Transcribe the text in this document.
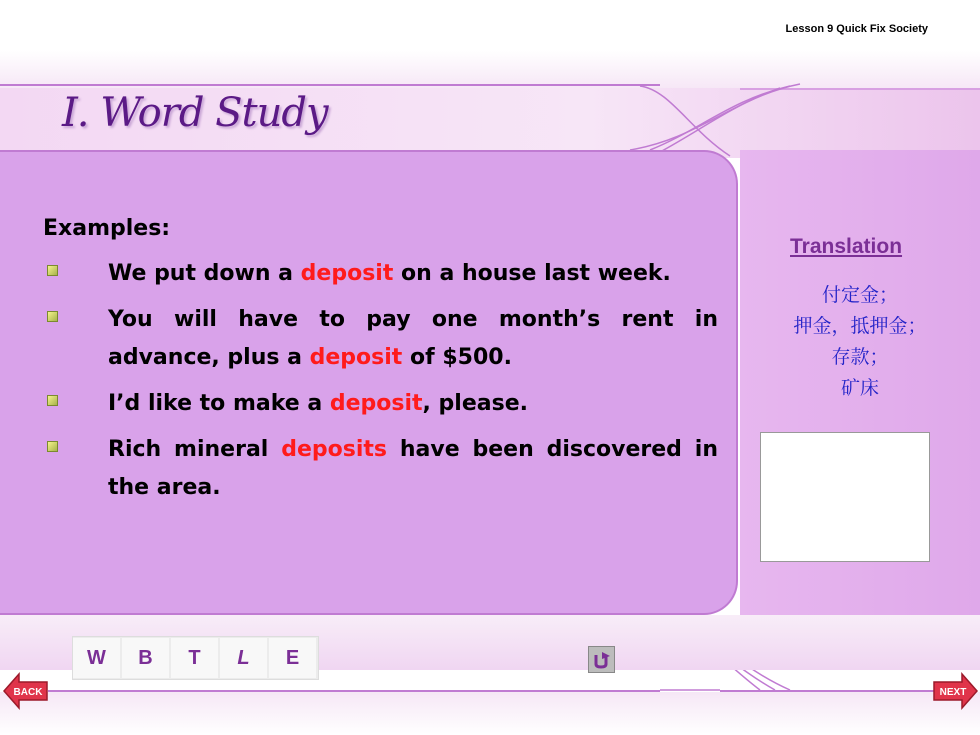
Lesson 9 Quick Fix Society
I. Word Study
Examples:
We put down a deposit on a house last week.
You will have to pay one month’s rent in advance, plus a deposit of $500.
I’d like to make a deposit, please.
Rich mineral deposits have been discovered in the area.
Translation
付定金；
押金，抵押金；
存款；
矿床
W	B	T	L	E
BACK	NEXT
